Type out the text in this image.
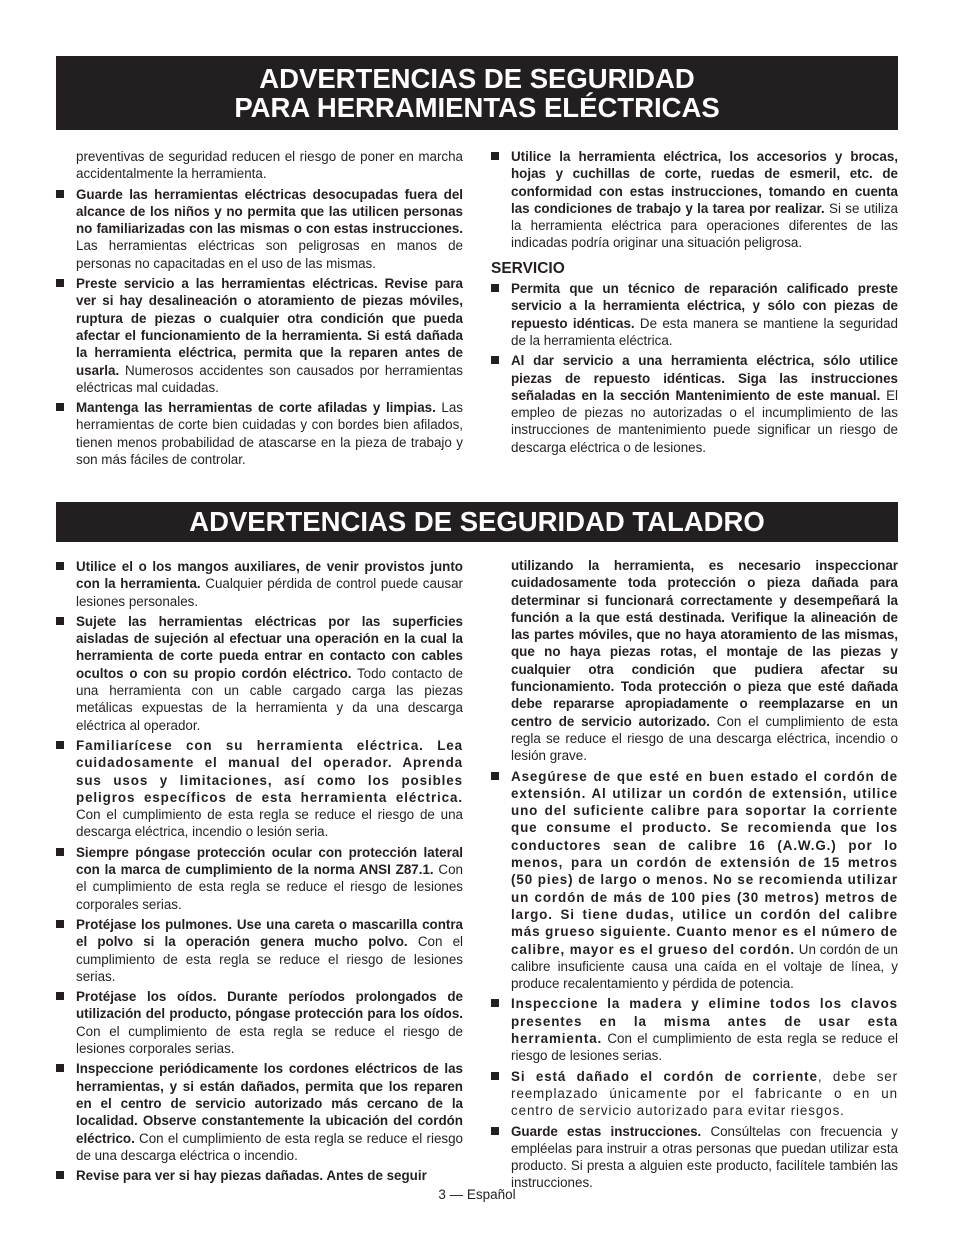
ADVERTENCIAS DE SEGURIDAD
PARA HERRAMIENTAS ELÉCTRICAS

preventivas de seguridad reducen el riesgo de poner en marcha accidentalmente la herramienta.

Guarde las herramientas eléctricas desocupadas fuera del alcance de los niños y no permita que las utilicen personas no familiarizadas con las mismas o con estas instrucciones. Las herramientas eléctricas son peligrosas en manos de personas no capacitadas en el uso de las mismas.
Preste servicio a las herramientas eléctricas. Revise para ver si hay desalineación o atoramiento de piezas móviles, ruptura de piezas o cualquier otra condición que pueda afectar el funcionamiento de la herramienta. Si está dañada la herramienta eléctrica, permita que la reparen antes de usarla. Numerosos accidentes son causados por herramientas eléctricas mal cuidadas.
Mantenga las herramientas de corte afiladas y limpias. Las herramientas de corte bien cuidadas y con bordes bien afilados, tienen menos probabilidad de atascarse en la pieza de trabajo y son más fáciles de controlar.
Utilice la herramienta eléctrica, los accesorios y brocas, hojas y cuchillas de corte, ruedas de esmeril, etc. de conformidad con estas instrucciones, tomando en cuenta las condiciones de trabajo y la tarea por realizar. Si se utiliza la herramienta eléctrica para operaciones diferentes de las indicadas podría originar una situación peligrosa.
SERVICIO
Permita que un técnico de reparación calificado preste servicio a la herramienta eléctrica, y sólo con piezas de repuesto idénticas. De esta manera se mantiene la seguridad de la herramienta eléctrica.
Al dar servicio a una herramienta eléctrica, sólo utilice piezas de repuesto idénticas. Siga las instrucciones señaladas en la sección Mantenimiento de este manual. El empleo de piezas no autorizadas o el incumplimiento de las instrucciones de mantenimiento puede significar un riesgo de descarga eléctrica o de lesiones.
ADVERTENCIAS DE SEGURIDAD TALADRO
Utilice el o los mangos auxiliares, de venir provistos junto con la herramienta. Cualquier pérdida de control puede causar lesiones personales.
Sujete las herramientas eléctricas por las superficies aisladas de sujeción al efectuar una operación en la cual la herramienta de corte pueda entrar en contacto con cables ocultos o con su propio cordón eléctrico. Todo contacto de una herramienta con un cable cargado carga las piezas metálicas expuestas de la herramienta y da una descarga eléctrica al operador.
Familiarícese con su herramienta eléctrica. Lea cuidadosamente el manual del operador. Aprenda sus usos y limitaciones, así como los posibles peligros específicos de esta herramienta eléctrica. Con el cumplimiento de esta regla se reduce el riesgo de una descarga eléctrica, incendio o lesión seria.
Siempre póngase protección ocular con protección lateral con la marca de cumplimiento de la norma ANSI Z87.1. Con el cumplimiento de esta regla se reduce el riesgo de lesiones corporales serias.
Protéjase los pulmones. Use una careta o mascarilla contra el polvo si la operación genera mucho polvo. Con el cumplimiento de esta regla se reduce el riesgo de lesiones serias.
Protéjase los oídos. Durante períodos prolongados de utilización del producto, póngase protección para los oídos. Con el cumplimiento de esta regla se reduce el riesgo de lesiones corporales serias.
Inspeccione periódicamente los cordones eléctricos de las herramientas, y si están dañados, permita que los reparen en el centro de servicio autorizado más cercano de la localidad. Observe constantemente la ubicación del cordón eléctrico. Con el cumplimiento de esta regla se reduce el riesgo de una descarga eléctrica o incendio.
Revise para ver si hay piezas dañadas. Antes de seguir
utilizando la herramienta, es necesario inspeccionar cuidadosamente toda protección o pieza dañada para determinar si funcionará correctamente y desempeñará la función a la que está destinada. Verifique la alineación de las partes móviles, que no haya atoramiento de las mismas, que no haya piezas rotas, el montaje de las piezas y cualquier otra condición que pudiera afectar su funcionamiento. Toda protección o pieza que esté dañada debe repararse apropiadamente o reemplazarse en un centro de servicio autorizado. Con el cumplimiento de esta regla se reduce el riesgo de una descarga eléctrica, incendio o lesión grave.
Asegúrese de que esté en buen estado el cordón de extensión. Al utilizar un cordón de extensión, utilice uno del suficiente calibre para soportar la corriente que consume el producto. Se recomienda que los conductores sean de calibre 16 (A.W.G.) por lo menos, para un cordón de extensión de 15 metros (50 pies) de largo o menos. No se recomienda utilizar un cordón de más de 100 pies (30 metros) metros de largo. Si tiene dudas, utilice un cordón del calibre más grueso siguiente. Cuanto menor es el número de calibre, mayor es el grueso del cordón. Un cordón de un calibre insuficiente causa una caída en el voltaje de línea, y produce recalentamiento y pérdida de potencia.
Inspeccione la madera y elimine todos los clavos presentes en la misma antes de usar esta herramienta. Con el cumplimiento de esta regla se reduce el riesgo de lesiones serias.
Si está dañado el cordón de corriente, debe ser reemplazado únicamente por el fabricante o en un centro de servicio autorizado para evitar riesgos.
Guarde estas instrucciones. Consúltelas con frecuencia y empléelas para instruir a otras personas que puedan utilizar esta producto. Si presta a alguien este producto, facilítele también las instrucciones.
3 — Español
